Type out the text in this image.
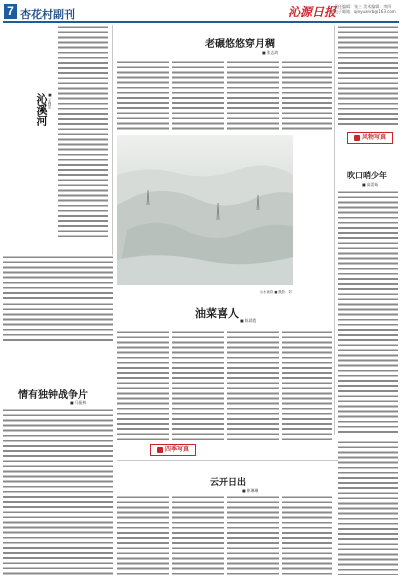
7 杏花村副刊	沁源日报
责任编辑：张三 美术编辑：李四
电子邮箱：qinyuanrb@163.com
沁溪河 ■ 王利军
老碾悠悠穿月稠
■ 张志鸿
风物写真
吹口哨少年
■ 高雷茹
山水画卷 ■ 摄影：刘
油菜喜人
■ 陈晨霞
情有独钟战争片
■ 马振林
四季写真
云开日出
■ 崔琳琳
